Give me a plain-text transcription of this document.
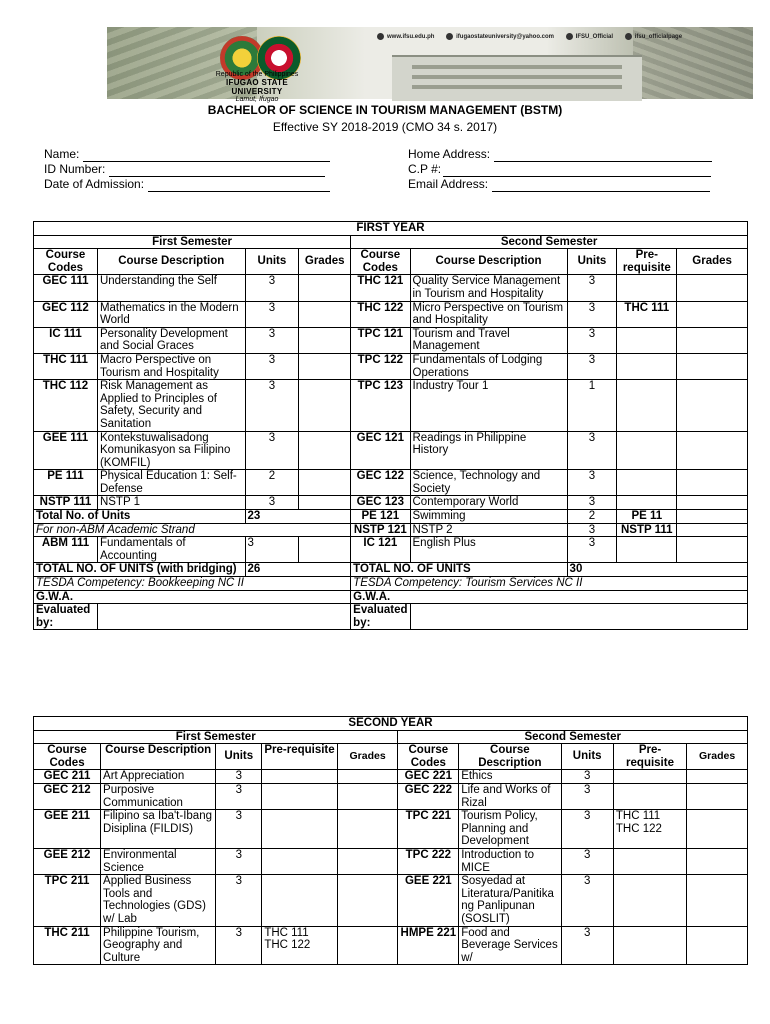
www.ifsu.edu.ph	ifugaostateuniversity@yahoo.com	IFSU_Official	ifsu_officialpage
Republic of the Philippines
IFUGAO STATE UNIVERSITY
Lamut, Ifugao
BACHELOR OF SCIENCE IN TOURISM MANAGEMENT (BSTM)
Effective SY 2018-2019 (CMO 34 s. 2017)
Name:
ID Number:
Date of Admission:
Home Address:
C.P #:
Email Address:
FIRST YEAR								
First Semester				Second Semester				
Course Codes	Course Description	Units	Grades	Course Codes	Course Description	Units	Pre-requisite	Grades
GEC 111	Understanding the Self	3		THC 121	Quality Service Management in Tourism and Hospitality	3		
GEC 112	Mathematics in the Modern World	3		THC 122	Micro Perspective on Tourism and Hospitality	3	THC 111	
IC 111	Personality Development and Social Graces	3		TPC 121	Tourism and Travel Management	3		
THC 111	Macro Perspective on Tourism and Hospitality	3		TPC 122	Fundamentals of Lodging Operations	3		
THC 112	Risk Management as Applied to Principles of Safety, Security and Sanitation	3		TPC 123	Industry Tour 1	1		
GEE 111	Kontekstuwalisadong Komunikasyon sa Filipino (KOMFIL)	3		GEC 121	Readings in Philippine History	3		
PE 111	Physical Education 1: Self-Defense	2		GEC 122	Science, Technology and Society	3		
NSTP 111	NSTP 1	3		GEC 123	Contemporary World	3		
Total No. of Units		23		PE 121	Swimming	2	PE 11	
For non-ABM Academic Strand				NSTP 121	NSTP 2	3	NSTP 111	
ABM 111	Fundamentals of Accounting	3		IC 121	English Plus	3		
TOTAL NO. OF UNITS (with bridging)		26		TOTAL NO. OF UNITS		30		
TESDA Competency: Bookkeeping NC II				TESDA Competency: Tourism Services NC II				
G.W.A.				G.W.A.				
Evaluated by:				Evaluated by:				
SECOND YEAR									
First Semester					Second Semester				
Course Codes	Course Description	Units	Pre-requisite	Grades	Course Codes	Course Description	Units	Pre-requisite	Grades
GEC 211	Art Appreciation	3			GEC 221	Ethics	3		
GEC 212	Purposive Communication	3			GEC 222	Life and Works of Rizal	3		
GEE 211	Filipino sa Iba't-Ibang Disiplina (FILDIS)	3			TPC 221	Tourism Policy, Planning and Development	3	THC 111 THC 122	
GEE 212	Environmental Science	3			TPC 222	Introduction to MICE	3		
TPC 211	Applied Business Tools and Technologies (GDS) w/ Lab	3			GEE 221	Sosyedad at Literatura/Panitika ng Panlipunan (SOSLIT)	3		
THC 211	Philippine Tourism, Geography and Culture	3	THC 111 THC 122		HMPE 221	Food and Beverage Services w/	3		
